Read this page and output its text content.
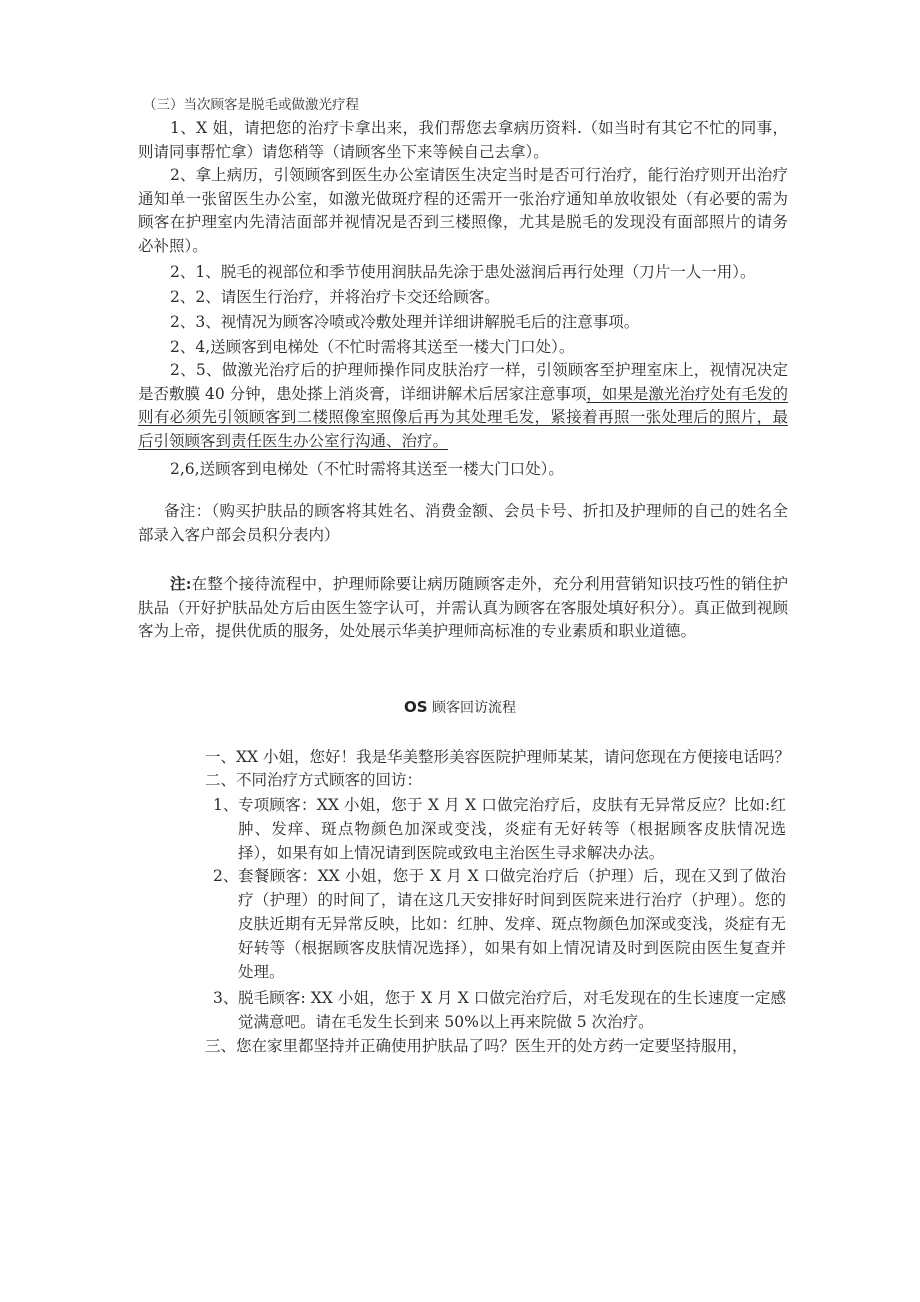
（三）当次顾客是脱毛或做激光疗程
1、X 姐，请把您的治疗卡拿出来，我们帮您去拿病历资料.（如当时有其它不忙的同事，则请同事帮忙拿）请您稍等（请顾客坐下来等候自己去拿）。
2、拿上病历，引领顾客到医生办公室请医生决定当时是否可行治疗，能行治疗则开出治疗通知单一张留医生办公室，如激光做斑疗程的还需开一张治疗通知单放收银处（有必要的需为顾客在护理室内先清洁面部并视情况是否到三楼照像，尤其是脱毛的发现没有面部照片的请务必补照）。
2、1、脱毛的视部位和季节使用润肤品先涂于患处滋润后再行处理（刀片一人一用）。
2、2、请医生行治疗，并将治疗卡交还给顾客。
2、3、视情况为顾客冷喷或冷敷处理并详细讲解脱毛后的注意事项。
2、4,送顾客到电梯处（不忙时需将其送至一楼大门口处）。
2、5、做激光治疗后的护理师操作同皮肤治疗一样，引领顾客至护理室床上，视情况决定是否敷膜 40 分钟，患处搽上消炎膏，详细讲解术后居家注意事项，如果是激光治疗处有毛发的则有必须先引领顾客到二楼照像室照像后再为其处理毛发，紧接着再照一张处理后的照片，最后引领顾客到责任医生办公室行沟通、治疗。
2,6,送顾客到电梯处（不忙时需将其送至一楼大门口处）。
备注：（购买护肤品的顾客将其姓名、消费金额、会员卡号、折扣及护理师的自己的姓名全部录入客户部会员积分表内）
注:在整个接待流程中，护理师除要让病历随顾客走外，充分利用营销知识技巧性的销住护肤品（开好护肤品处方后由医生签字认可，并需认真为顾客在客服处填好积分）。真正做到视顾客为上帝，提供优质的服务，处处展示华美护理师高标准的专业素质和职业道德。
OS 顾客回访流程
一、XX 小姐，您好！我是华美整形美容医院护理师某某，请问您现在方便接电话吗？
二、不同治疗方式顾客的回访：
1、 专项顾客：XX 小姐，您于 X 月 X 口做完治疗后，皮肤有无异常反应？比如:红肿、发痒、斑点物颜色加深或变浅，炎症有无好转等（根据顾客皮肤情况选择），如果有如上情况请到医院或致电主治医生寻求解决办法。
2、 套餐顾客：XX 小姐，您于 X 月 X 口做完治疗后（护理）后，现在又到了做治疗（护理）的时间了，请在这几天安排好时间到医院来进行治疗（护理）。您的皮肤近期有无异常反映，比如：红肿、发痒、斑点物颜色加深或变浅，炎症有无好转等（根据顾客皮肤情况选择），如果有如上情况请及时到医院由医生复查并处理。
3、 脱毛顾客: XX 小姐，您于 X 月 X 口做完治疗后，对毛发现在的生长速度一定感觉满意吧。请在毛发生长到来 50%以上再来院做 5 次治疗。
三、您在家里都坚持并正确使用护肤品了吗？医生开的处方药一定要坚持服用，
